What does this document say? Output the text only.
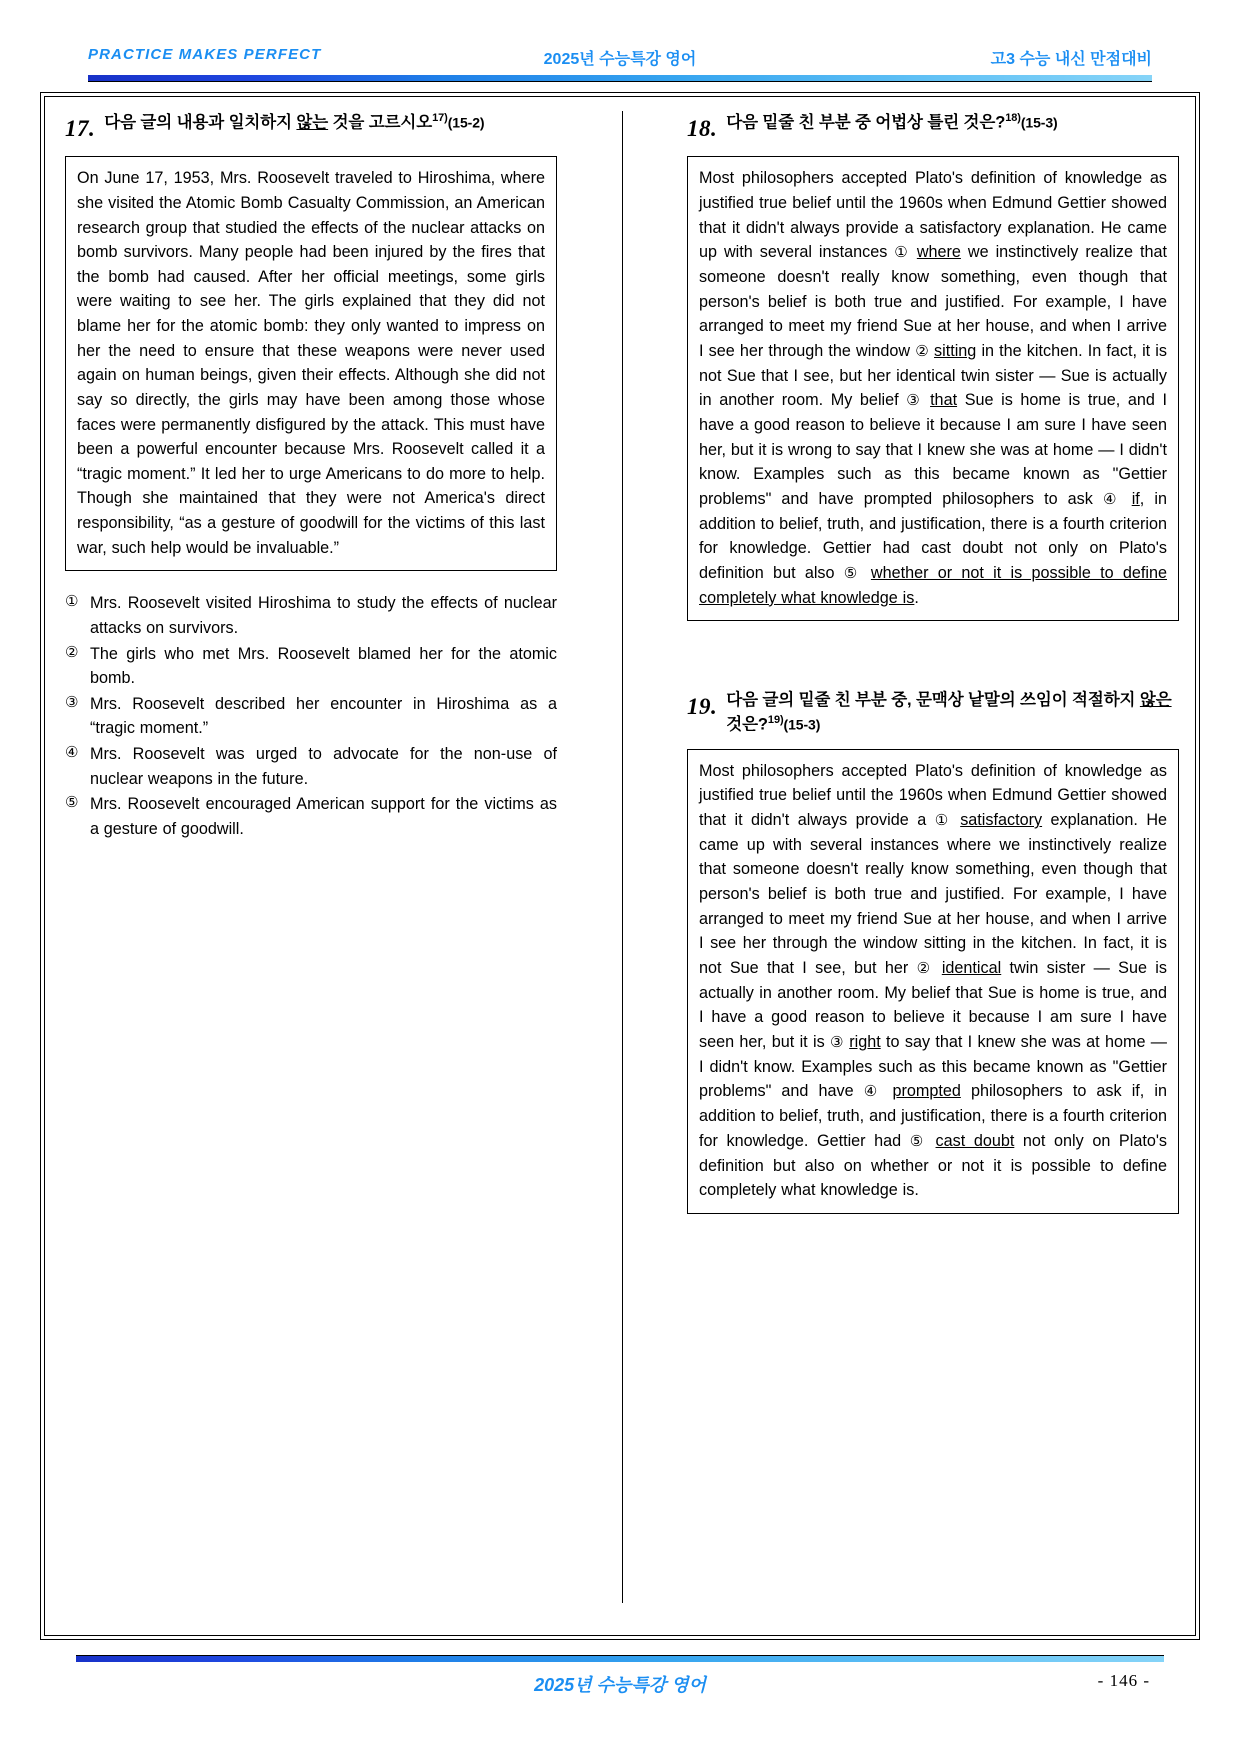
PRACTICE MAKES PERFECT	2025년 수능특강 영어	고3 수능 내신 만점대비
17. 다음 글의 내용과 일치하지 않는 것을 고르시오$^{17)}$(15-2)

On June 17, 1953, Mrs. Roosevelt traveled to Hiroshima, where she visited the Atomic Bomb Casualty Commission, an American research group that studied the effects of the nuclear attacks on bomb survivors. Many people had been injured by the fires that the bomb had caused. After her official meetings, some girls were waiting to see her. The girls explained that they did not blame her for the atomic bomb: they only wanted to impress on her the need to ensure that these weapons were never used again on human beings, given their effects. Although she did not say so directly, the girls may have been among those whose faces were permanently disfigured by the attack. This must have been a powerful encounter because Mrs. Roosevelt called it a “tragic moment.” It led her to urge Americans to do more to help. Though she maintained that they were not America's direct responsibility, “as a gesture of goodwill for the victims of this last war, such help would be invaluable.”

① Mrs. Roosevelt visited Hiroshima to study the effects of nuclear attacks on survivors.
② The girls who met Mrs. Roosevelt blamed her for the atomic bomb.
③ Mrs. Roosevelt described her encounter in Hiroshima as a “tragic moment.”
④ Mrs. Roosevelt was urged to advocate for the non-use of nuclear weapons in the future.
⑤ Mrs. Roosevelt encouraged American support for the victims as a gesture of goodwill.
18. 다음 밑줄 친 부분 중 어법상 틀린 것은?$^{18)}$(15-3)

Most philosophers accepted Plato's definition of knowledge as justified true belief until the 1960s when Edmund Gettier showed that it didn't always provide a satisfactory explanation. He came up with several instances ① where we instinctively realize that someone doesn't really know something, even though that person's belief is both true and justified. For example, I have arranged to meet my friend Sue at her house, and when I arrive I see her through the window ② sitting in the kitchen. In fact, it is not Sue that I see, but her identical twin sister — Sue is actually in another room. My belief ③ that Sue is home is true, and I have a good reason to believe it because I am sure I have seen her, but it is wrong to say that I knew she was at home — I didn't know. Examples such as this became known as "Gettier problems" and have prompted philosophers to ask ④ if, in addition to belief, truth, and justification, there is a fourth criterion for knowledge. Gettier had cast doubt not only on Plato's definition but also ⑤ whether or not it is possible to define completely what knowledge is.

19. 다음 글의 밑줄 친 부분 중, 문맥상 낱말의 쓰임이 적절하지 않은 것은?$^{19)}$(15-3)

Most philosophers accepted Plato's definition of knowledge as justified true belief until the 1960s when Edmund Gettier showed that it didn't always provide a ① satisfactory explanation. He came up with several instances where we instinctively realize that someone doesn't really know something, even though that person's belief is both true and justified. For example, I have arranged to meet my friend Sue at her house, and when I arrive I see her through the window sitting in the kitchen. In fact, it is not Sue that I see, but her ② identical twin sister — Sue is actually in another room. My belief that Sue is home is true, and I have a good reason to believe it because I am sure I have seen her, but it is ③ right to say that I knew she was at home — I didn't know. Examples such as this became known as "Gettier problems" and have ④ prompted philosophers to ask if, in addition to belief, truth, and justification, there is a fourth criterion for knowledge. Gettier had ⑤ cast doubt not only on Plato's definition but also on whether or not it is possible to define completely what knowledge is.

2025년 수능특강 영어	- 146 -
